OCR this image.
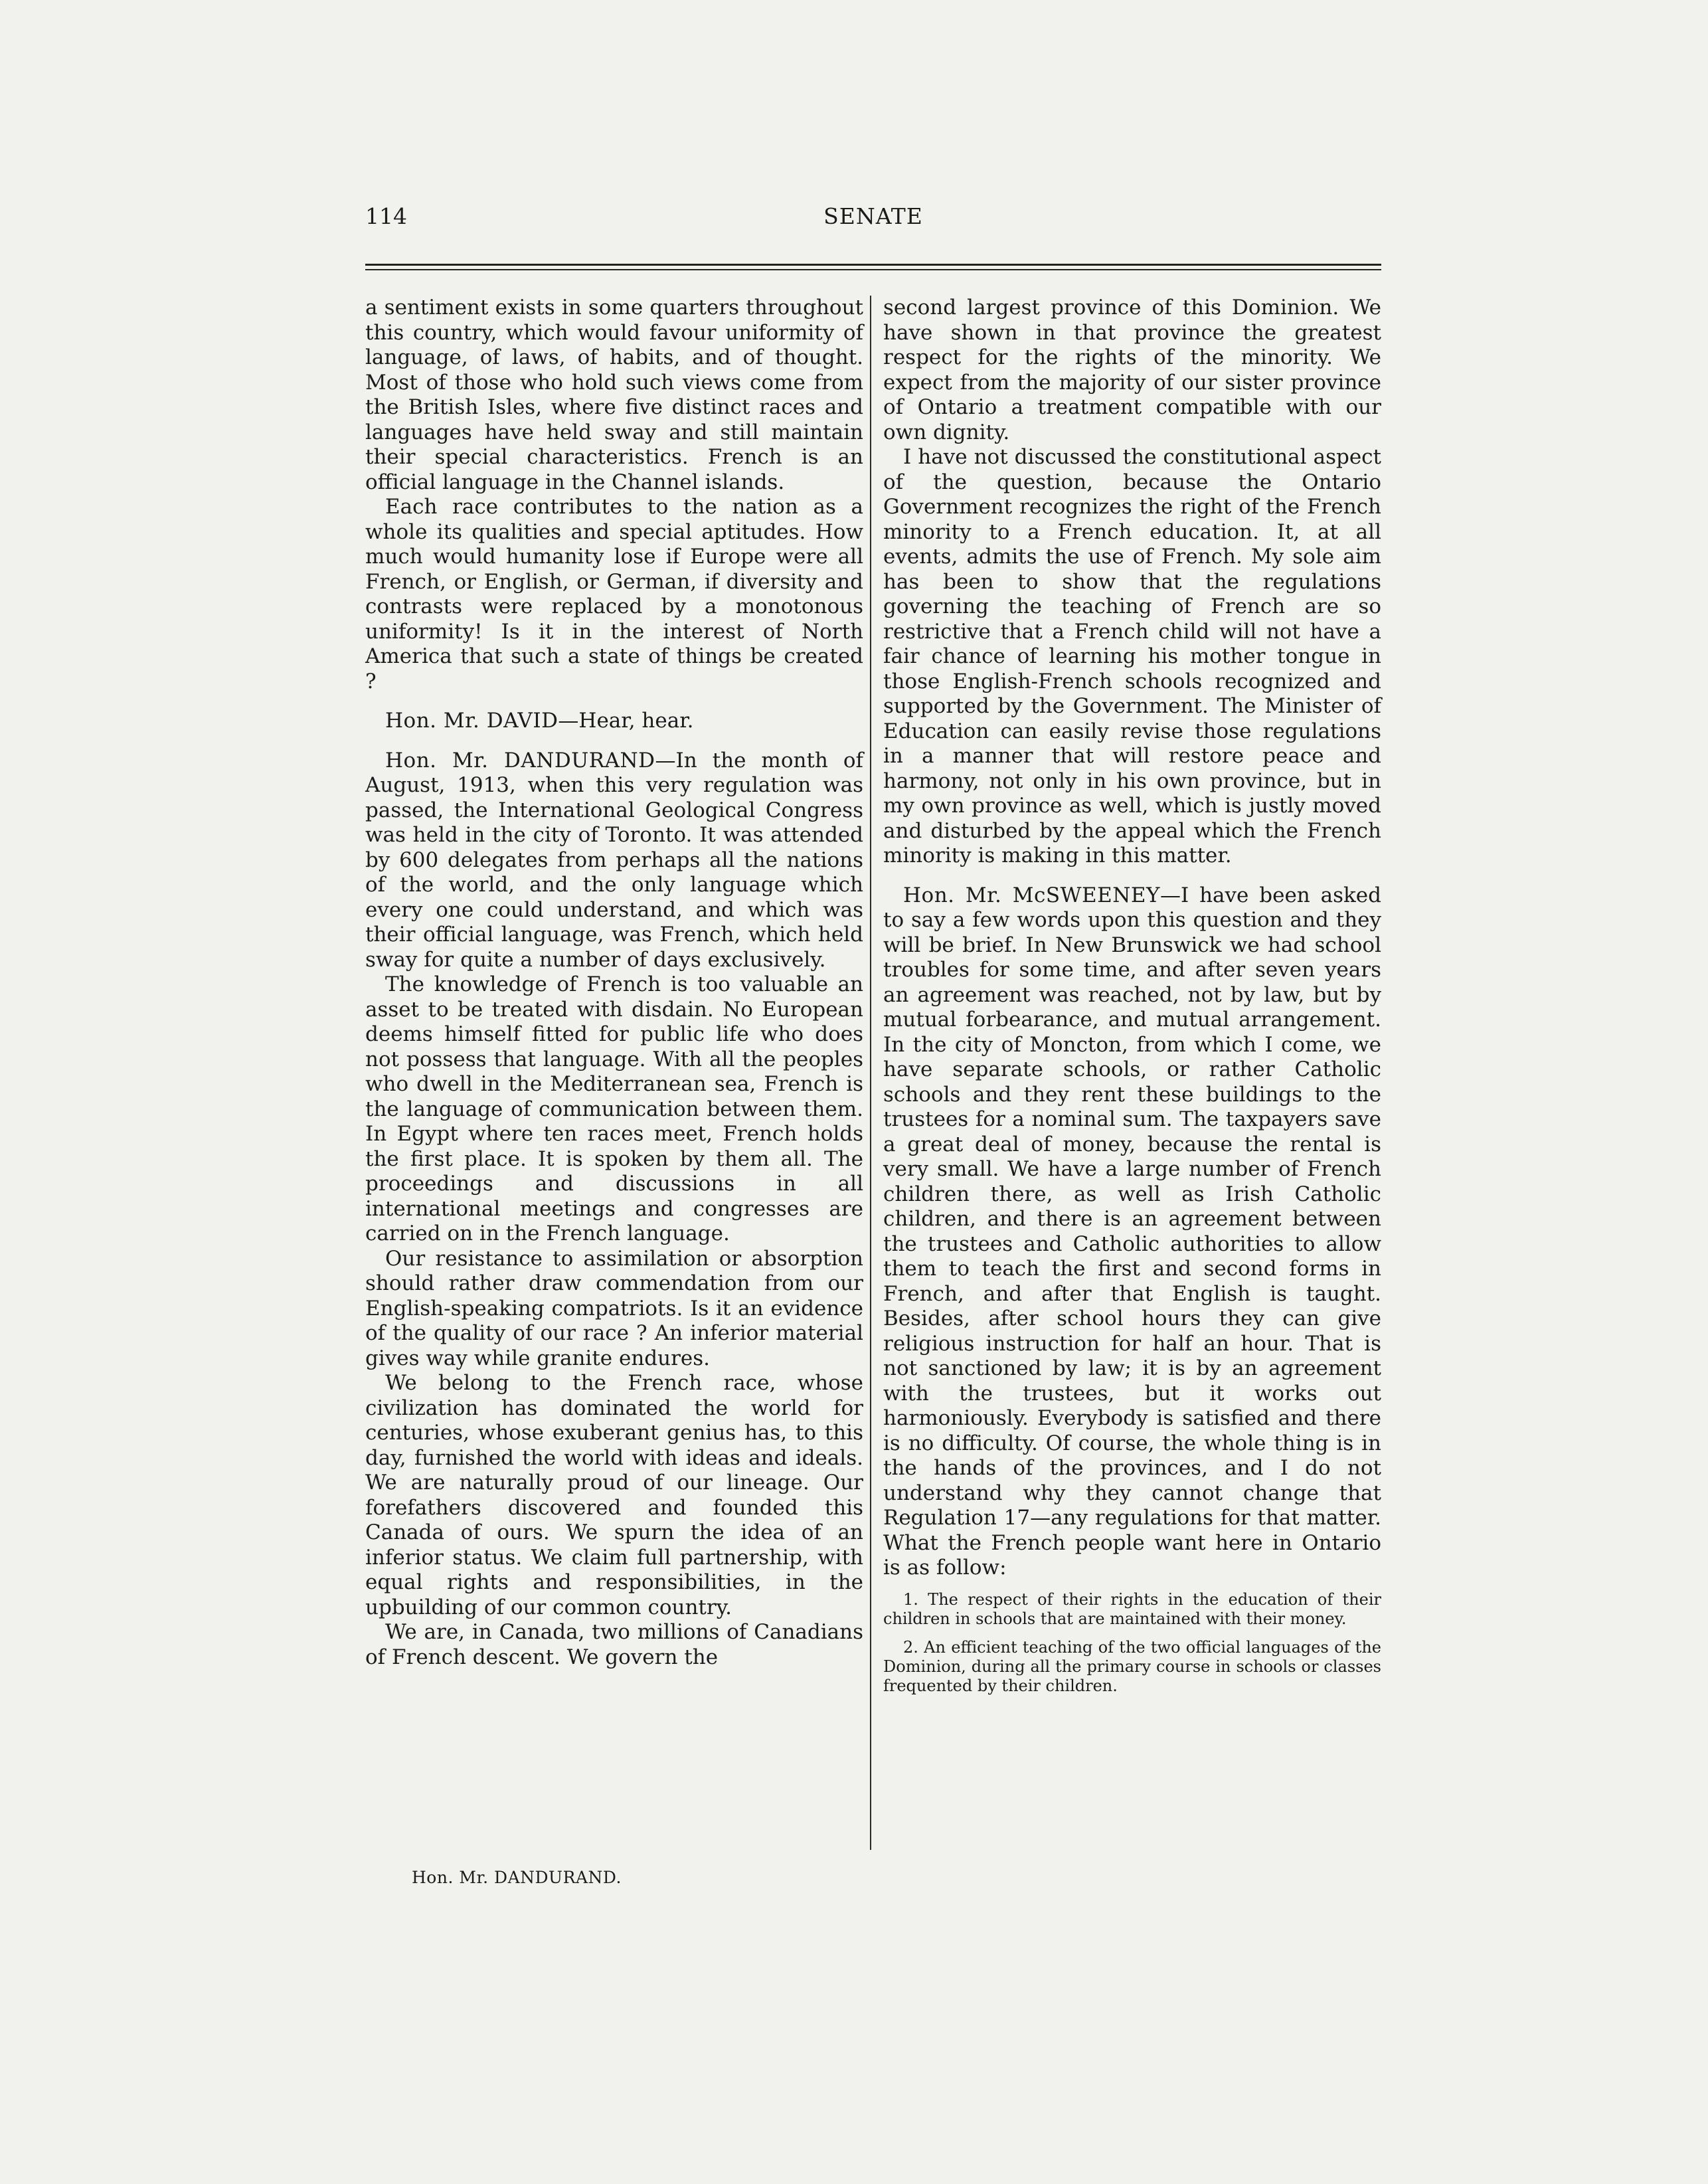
114	SENATE

a sentiment exists in some quarters throughout this country, which would favour uniformity of language, of laws, of habits, and of thought. Most of those who hold such views come from the British Isles, where five distinct races and languages have held sway and still maintain their special characteristics. French is an official language in the Channel islands.

Each race contributes to the nation as a whole its qualities and special aptitudes. How much would humanity lose if Europe were all French, or English, or German, if diversity and contrasts were replaced by a monotonous uniformity! Is it in the interest of North America that such a state of things be created ?

Hon. Mr. DAVID—Hear, hear.

Hon. Mr. DANDURAND—In the month of August, 1913, when this very regulation was passed, the International Geological Congress was held in the city of Toronto. It was attended by 600 delegates from perhaps all the nations of the world, and the only language which every one could understand, and which was their official language, was French, which held sway for quite a number of days exclusively.

The knowledge of French is too valuable an asset to be treated with disdain. No European deems himself fitted for public life who does not possess that language. With all the peoples who dwell in the Mediterranean sea, French is the language of communication between them. In Egypt where ten races meet, French holds the first place. It is spoken by them all. The proceedings and discussions in all international meetings and congresses are carried on in the French language.

Our resistance to assimilation or absorption should rather draw commendation from our English-speaking compatriots. Is it an evidence of the quality of our race ? An inferior material gives way while granite endures.

We belong to the French race, whose civilization has dominated the world for centuries, whose exuberant genius has, to this day, furnished the world with ideas and ideals. We are naturally proud of our lineage. Our forefathers discovered and founded this Canada of ours. We spurn the idea of an inferior status. We claim full partnership, with equal rights and responsibilities, in the upbuilding of our common country.

We are, in Canada, two millions of Canadians of French descent. We govern the

second largest province of this Dominion. We have shown in that province the greatest respect for the rights of the minority. We expect from the majority of our sister province of Ontario a treatment compatible with our own dignity.

I have not discussed the constitutional aspect of the question, because the Ontario Government recognizes the right of the French minority to a French education. It, at all events, admits the use of French. My sole aim has been to show that the regulations governing the teaching of French are so restrictive that a French child will not have a fair chance of learning his mother tongue in those English-French schools recognized and supported by the Government. The Minister of Education can easily revise those regulations in a manner that will restore peace and harmony, not only in his own province, but in my own province as well, which is justly moved and disturbed by the appeal which the French minority is making in this matter.

Hon. Mr. McSWEENEY—I have been asked to say a few words upon this question and they will be brief. In New Brunswick we had school troubles for some time, and after seven years an agreement was reached, not by law, but by mutual forbearance, and mutual arrangement. In the city of Moncton, from which I come, we have separate schools, or rather Catholic schools and they rent these buildings to the trustees for a nominal sum. The taxpayers save a great deal of money, because the rental is very small. We have a large number of French children there, as well as Irish Catholic children, and there is an agreement between the trustees and Catholic authorities to allow them to teach the first and second forms in French, and after that English is taught. Besides, after school hours they can give religious instruction for half an hour. That is not sanctioned by law; it is by an agreement with the trustees, but it works out harmoniously. Everybody is satisfied and there is no difficulty. Of course, the whole thing is in the hands of the provinces, and I do not understand why they cannot change that Regulation 17—any regulations for that matter. What the French people want here in Ontario is as follow:

1. The respect of their rights in the education of their children in schools that are maintained with their money.

2. An efficient teaching of the two official languages of the Dominion, during all the primary course in schools or classes frequented by their children.

Hon. Mr. DANDURAND.
